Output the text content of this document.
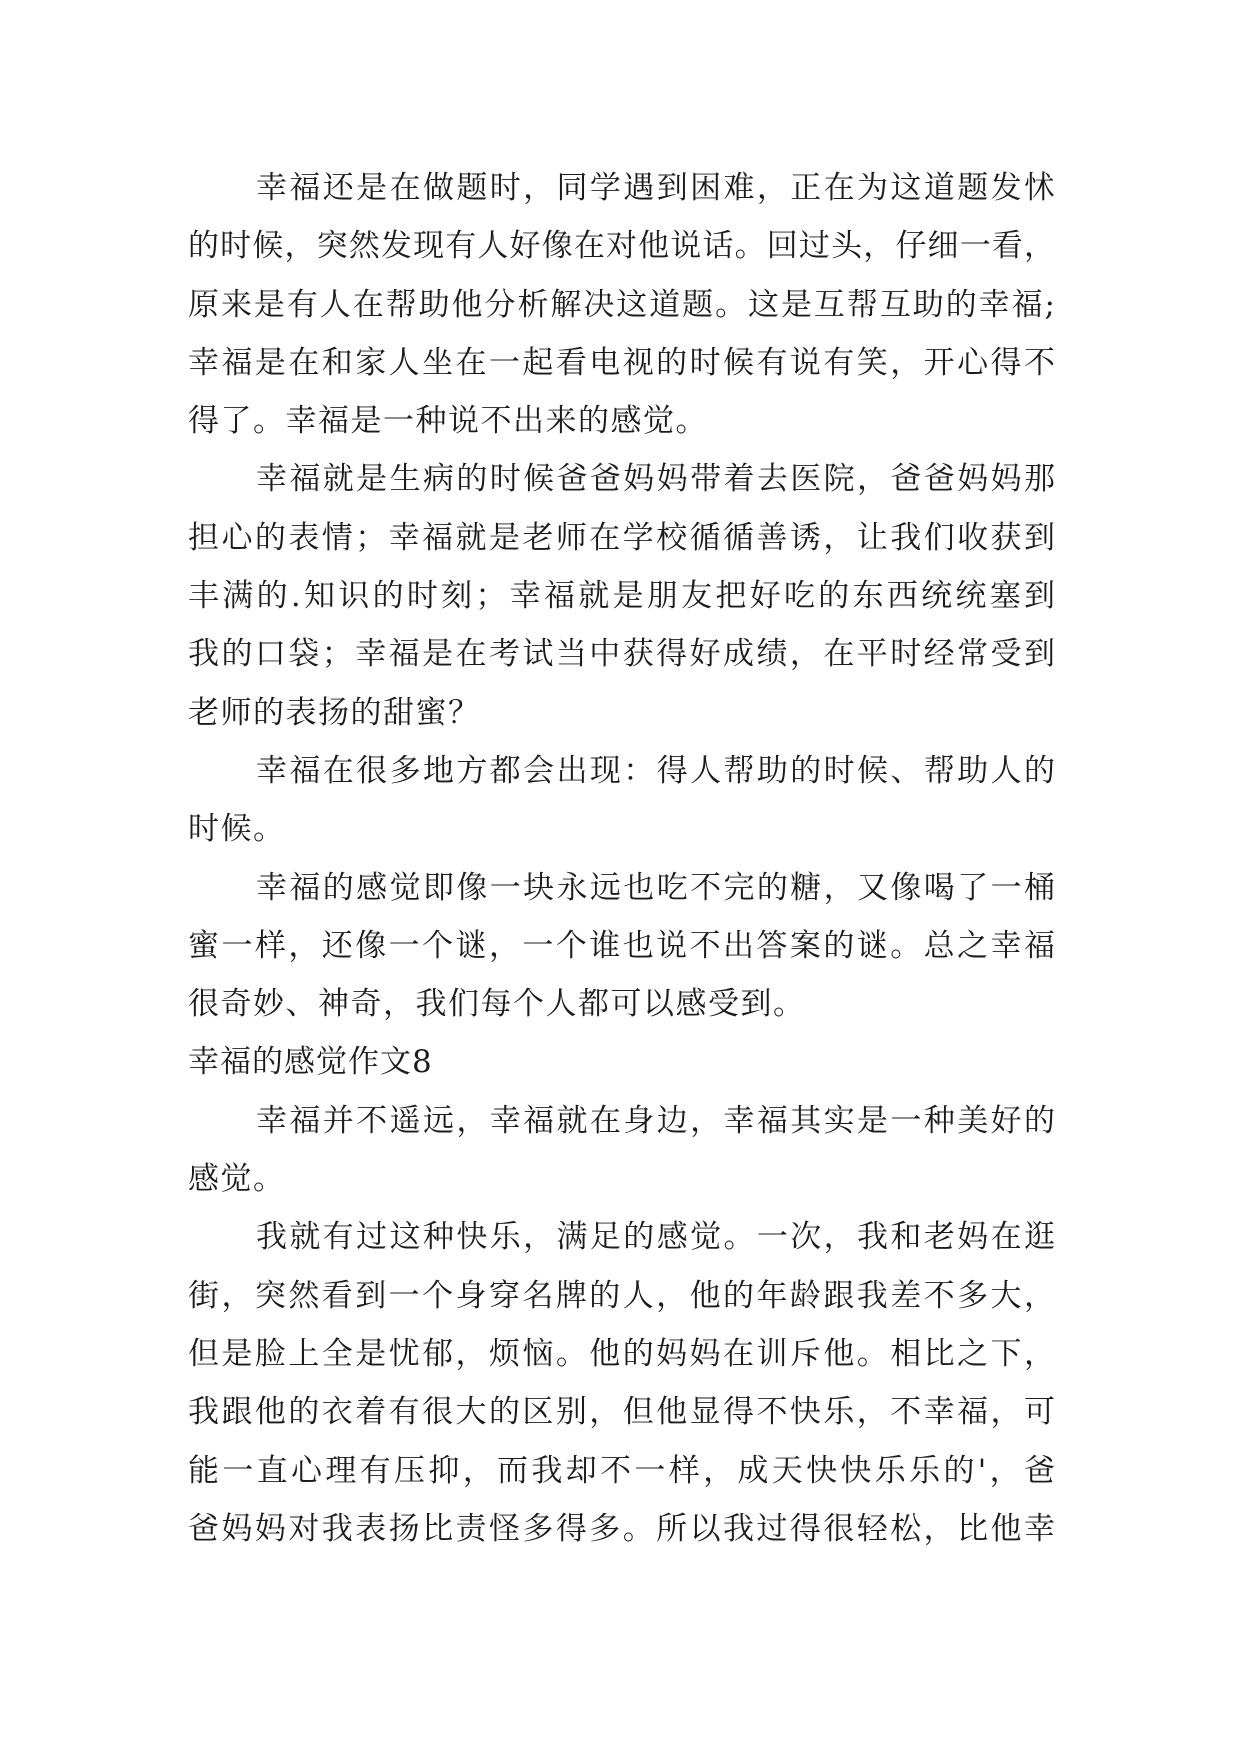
幸福还是在做题时，同学遇到困难，正在为这道题发怵
的时候，突然发现有人好像在对他说话。回过头，仔细一看，
原来是有人在帮助他分析解决这道题。这是互帮互助的幸福;
幸福是在和家人坐在一起看电视的时候有说有笑，开心得不
得了。幸福是一种说不出来的感觉。
幸福就是生病的时候爸爸妈妈带着去医院，爸爸妈妈那
担心的表情；幸福就是老师在学校循循善诱，让我们收获到
丰满的.知识的时刻；幸福就是朋友把好吃的东西统统塞到
我的口袋；幸福是在考试当中获得好成绩，在平时经常受到
老师的表扬的甜蜜？
幸福在很多地方都会出现：得人帮助的时候、帮助人的
时候。
幸福的感觉即像一块永远也吃不完的糖，又像喝了一桶
蜜一样，还像一个谜，一个谁也说不出答案的谜。总之幸福
很奇妙、神奇，我们每个人都可以感受到。
幸福的感觉作文8
幸福并不遥远，幸福就在身边，幸福其实是一种美好的
感觉。
我就有过这种快乐，满足的感觉。一次，我和老妈在逛
街，突然看到一个身穿名牌的人，他的年龄跟我差不多大，
但是脸上全是忧郁，烦恼。他的妈妈在训斥他。相比之下，
我跟他的衣着有很大的区别，但他显得不快乐，不幸福，可
能一直心理有压抑，而我却不一样，成天快快乐乐的'，爸
爸妈妈对我表扬比责怪多得多。所以我过得很轻松，比他幸
